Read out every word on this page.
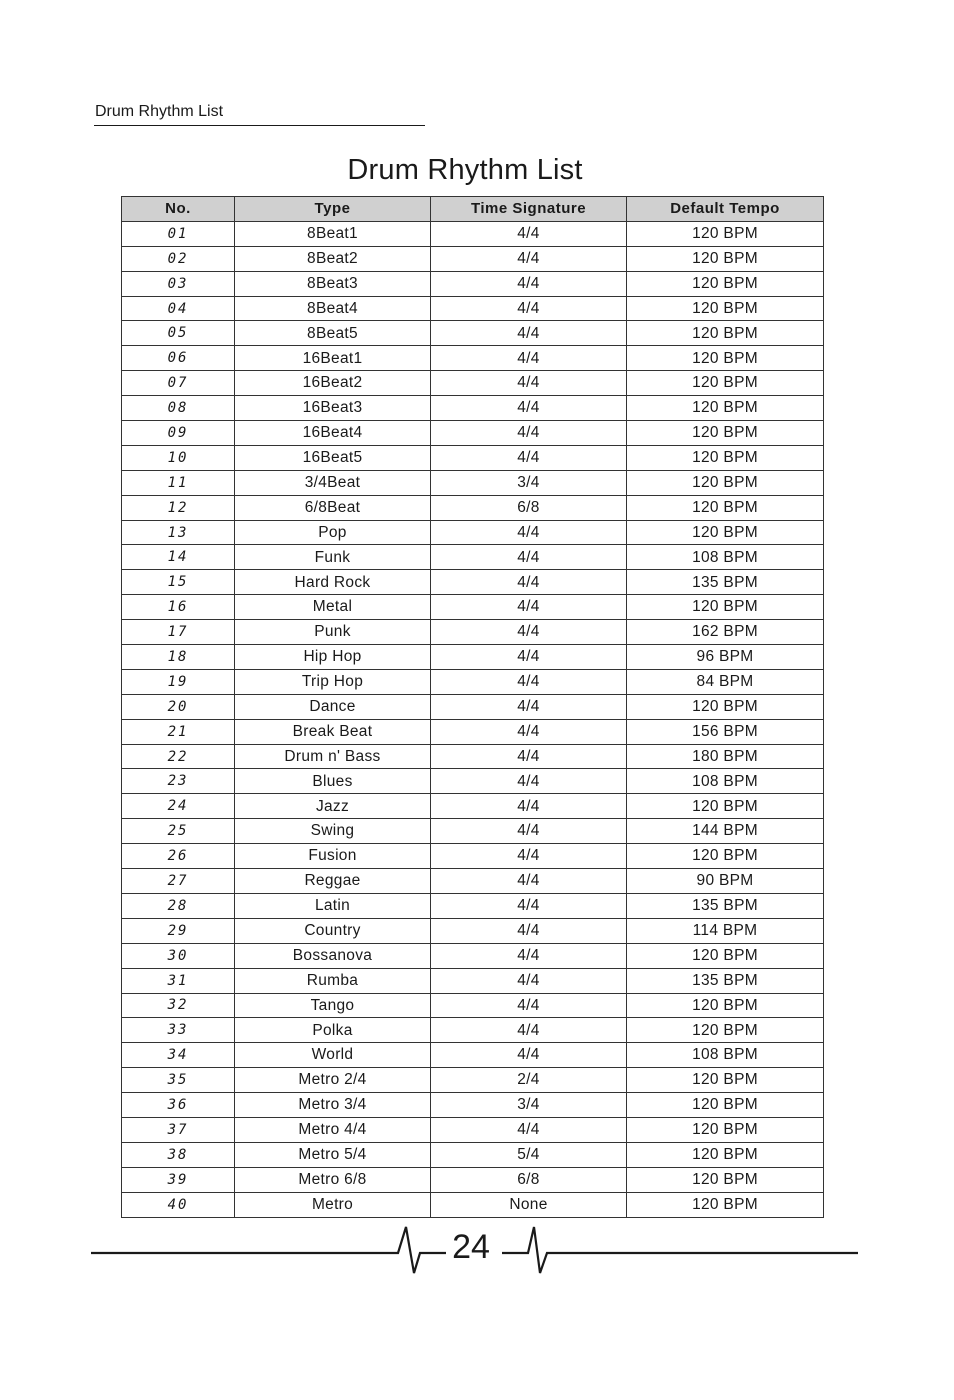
Drum Rhythm List
Drum Rhythm List
No.	Type	Time Signature	Default Tempo
01	8Beat1	4/4	120 BPM
02	8Beat2	4/4	120 BPM
03	8Beat3	4/4	120 BPM
04	8Beat4	4/4	120 BPM
05	8Beat5	4/4	120 BPM
06	16Beat1	4/4	120 BPM
07	16Beat2	4/4	120 BPM
08	16Beat3	4/4	120 BPM
09	16Beat4	4/4	120 BPM
10	16Beat5	4/4	120 BPM
11	3/4Beat	3/4	120 BPM
12	6/8Beat	6/8	120 BPM
13	Pop	4/4	120 BPM
14	Funk	4/4	108 BPM
15	Hard Rock	4/4	135 BPM
16	Metal	4/4	120 BPM
17	Punk	4/4	162 BPM
18	Hip Hop	4/4	96 BPM
19	Trip Hop	4/4	84 BPM
20	Dance	4/4	120 BPM
21	Break Beat	4/4	156 BPM
22	Drum n' Bass	4/4	180 BPM
23	Blues	4/4	108 BPM
24	Jazz	4/4	120 BPM
25	Swing	4/4	144 BPM
26	Fusion	4/4	120 BPM
27	Reggae	4/4	90 BPM
28	Latin	4/4	135 BPM
29	Country	4/4	114 BPM
30	Bossanova	4/4	120 BPM
31	Rumba	4/4	135 BPM
32	Tango	4/4	120 BPM
33	Polka	4/4	120 BPM
34	World	4/4	108 BPM
35	Metro 2/4	2/4	120 BPM
36	Metro 3/4	3/4	120 BPM
37	Metro 4/4	4/4	120 BPM
38	Metro 5/4	5/4	120 BPM
39	Metro 6/8	6/8	120 BPM
40	Metro	None	120 BPM
24
